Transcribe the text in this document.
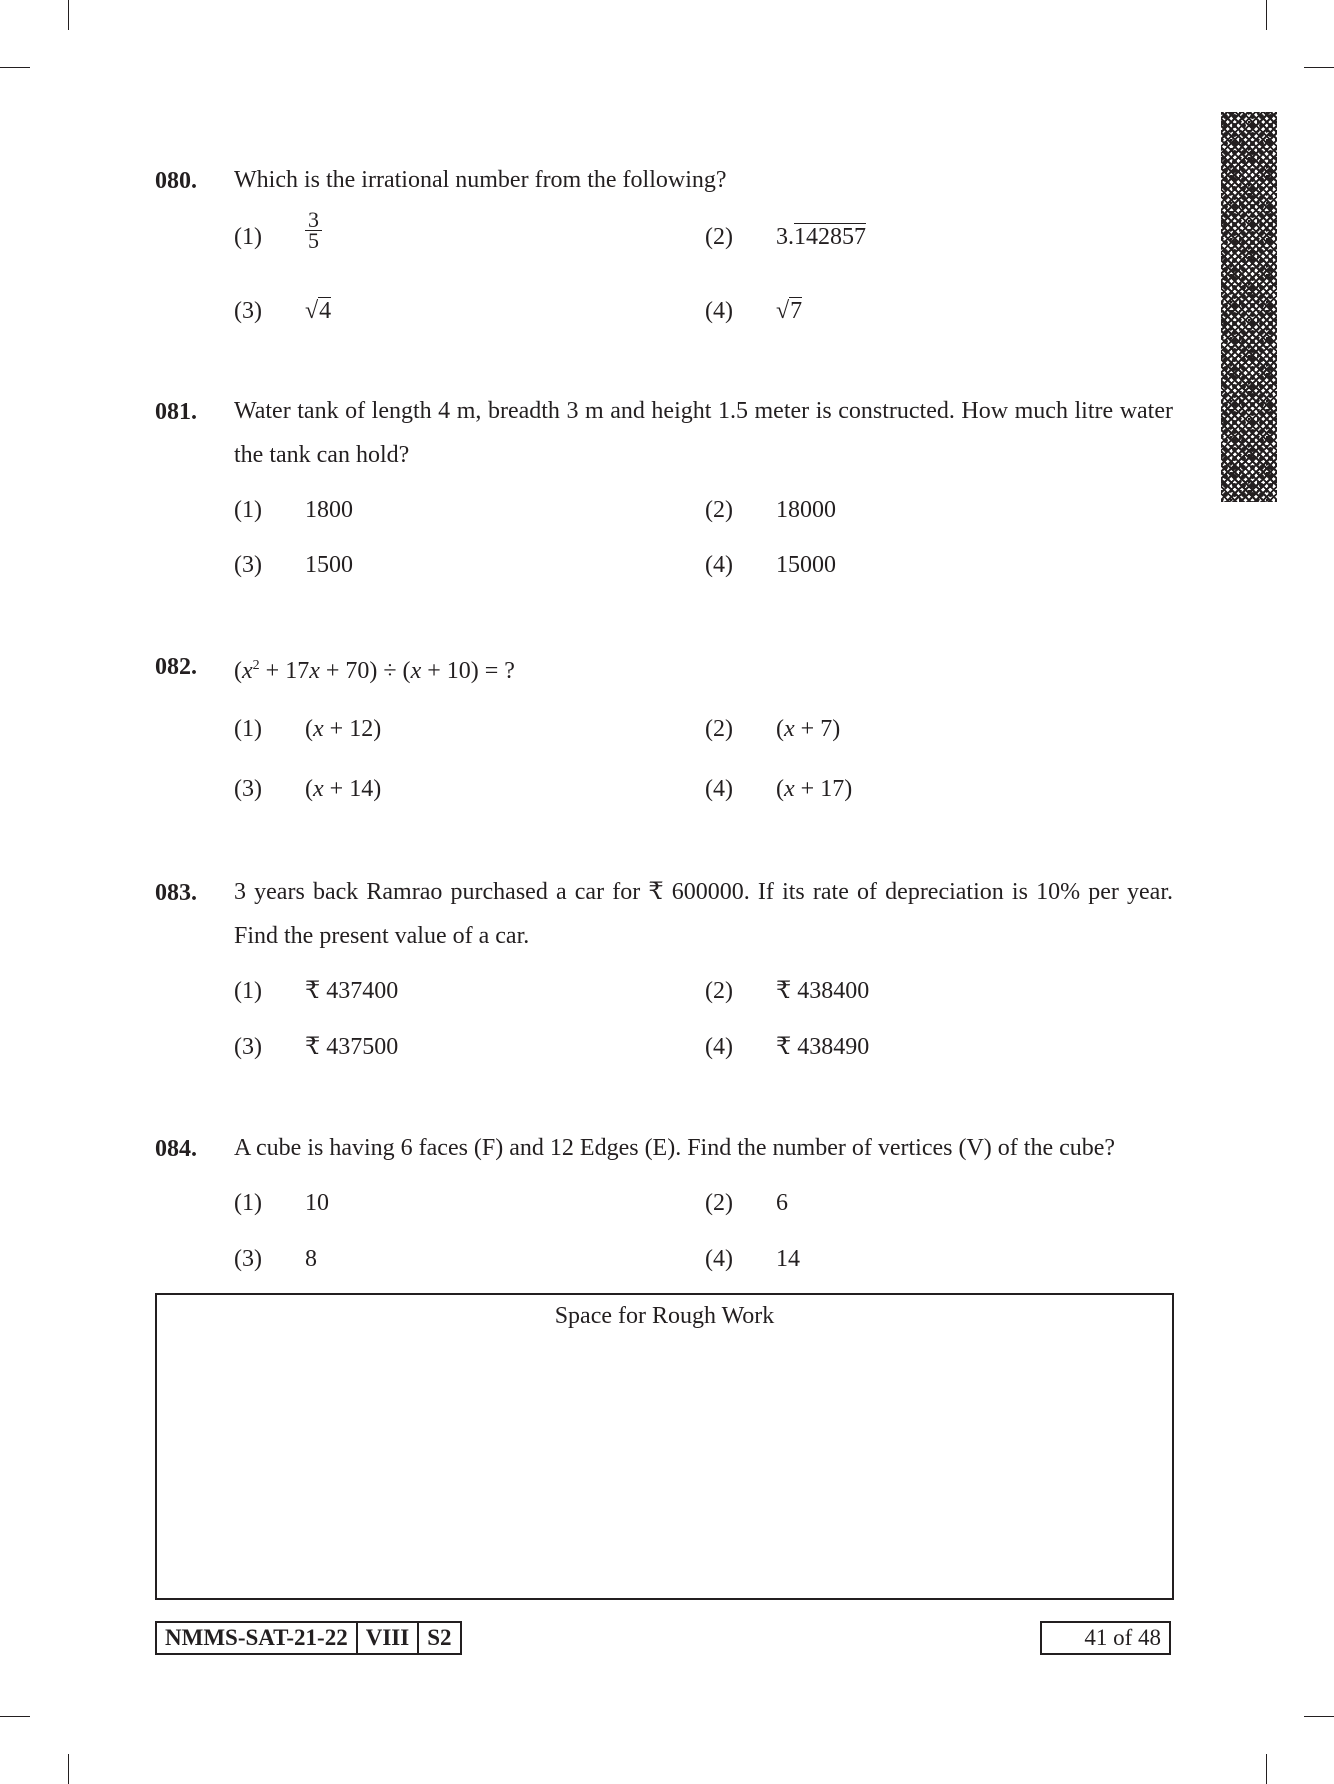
080. Which is the irrational number from the following?
$(1) \frac{3}{5}$	(2) 3.142857
(3) √4	(4) √7
081. Water tank of length 4 m, breadth 3 m and height 1.5 meter is constructed. How much litre water the tank can hold?
(1) 1800	(2) 18000
(3) 1500	(4) 15000
082. $(x^2 + 17x + 70) \div (x + 10)$ = ?
(1) (x + 12)	(2) (x + 7)
(3) (x + 14)	(4) (x + 17)
083. 3 years back Ramrao purchased a car for ₹ 600000. If its rate of depreciation is 10% per year. Find the present value of a car.
(1) ₹ 437400	(2) ₹ 438400
(3) ₹ 437500	(4) ₹ 438490
084. A cube is having 6 faces (F) and 12 Edges (E). Find the number of vertices (V) of the cube?
(1) 10	(2) 6
(3) 8	(4) 14
Space for Rough Work
NMMS-SAT-21-22 VIII S2	41 of 48
